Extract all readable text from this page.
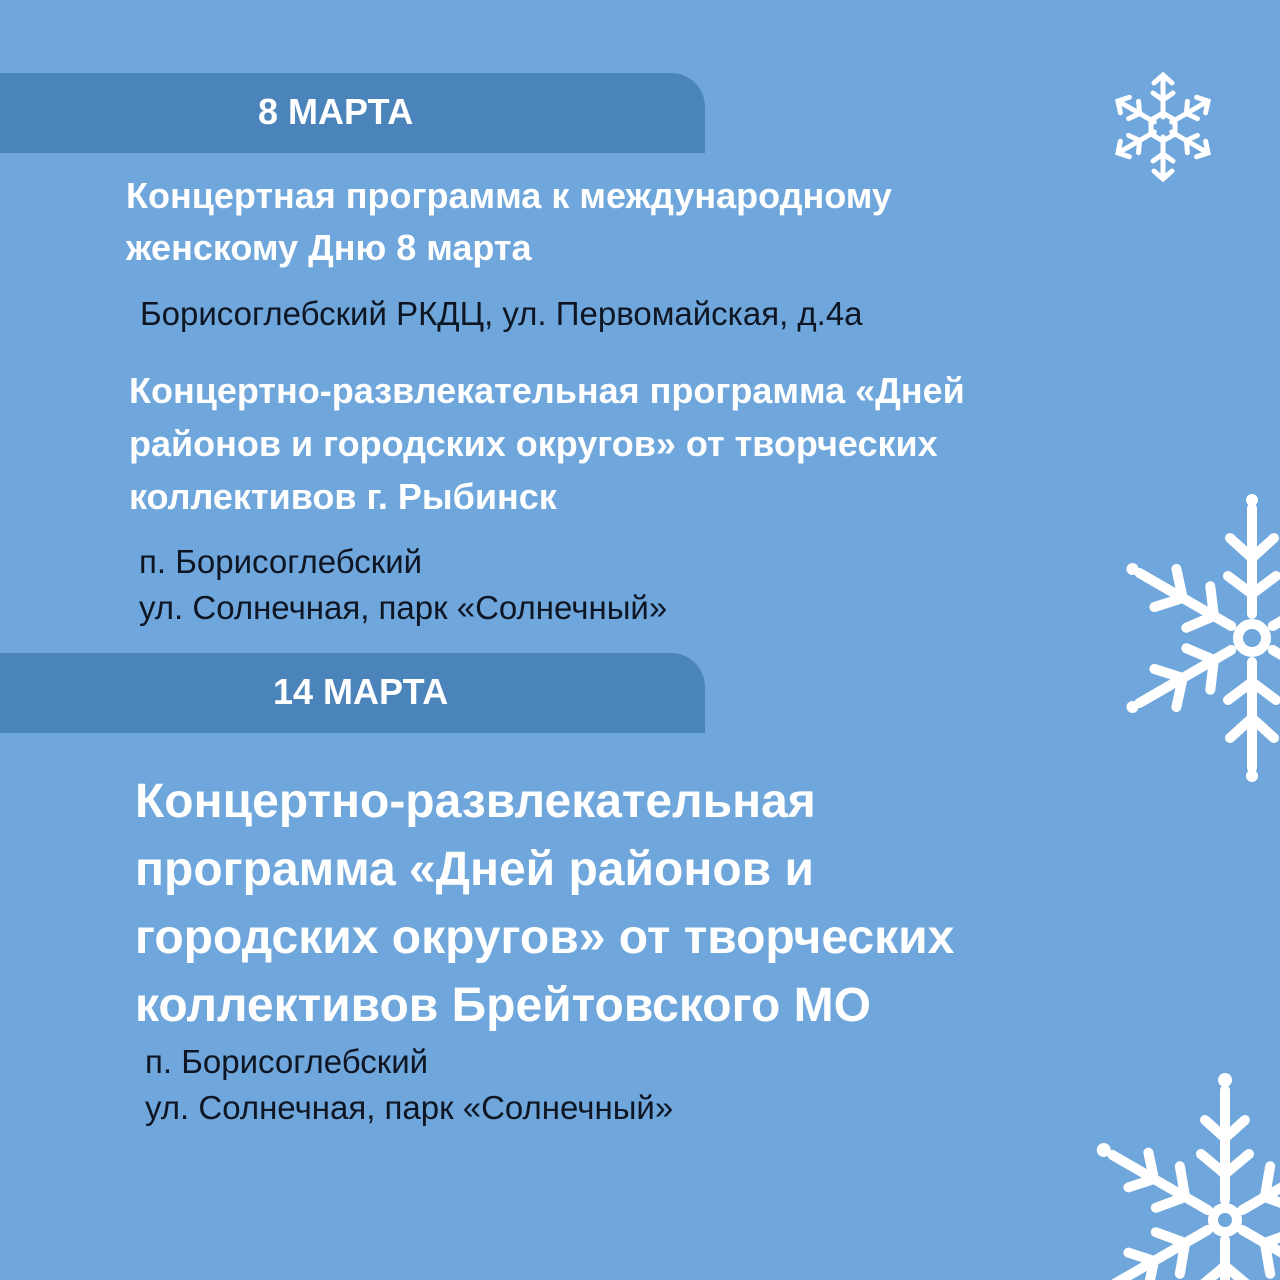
8 МАРТА
Концертная программа к международному
женскому Дню 8 марта
Борисоглебский РКДЦ, ул. Первомайская, д.4а
Концертно-развлекательная программа «Дней
районов и городских округов» от творческих
коллективов г. Рыбинск
п. Борисоглебский
ул. Солнечная, парк «Солнечный»
14 МАРТА
Концертно-развлекательная
программа «Дней районов и
городских округов» от творческих
коллективов Брейтовского МО
п. Борисоглебский
ул. Солнечная, парк «Солнечный»
